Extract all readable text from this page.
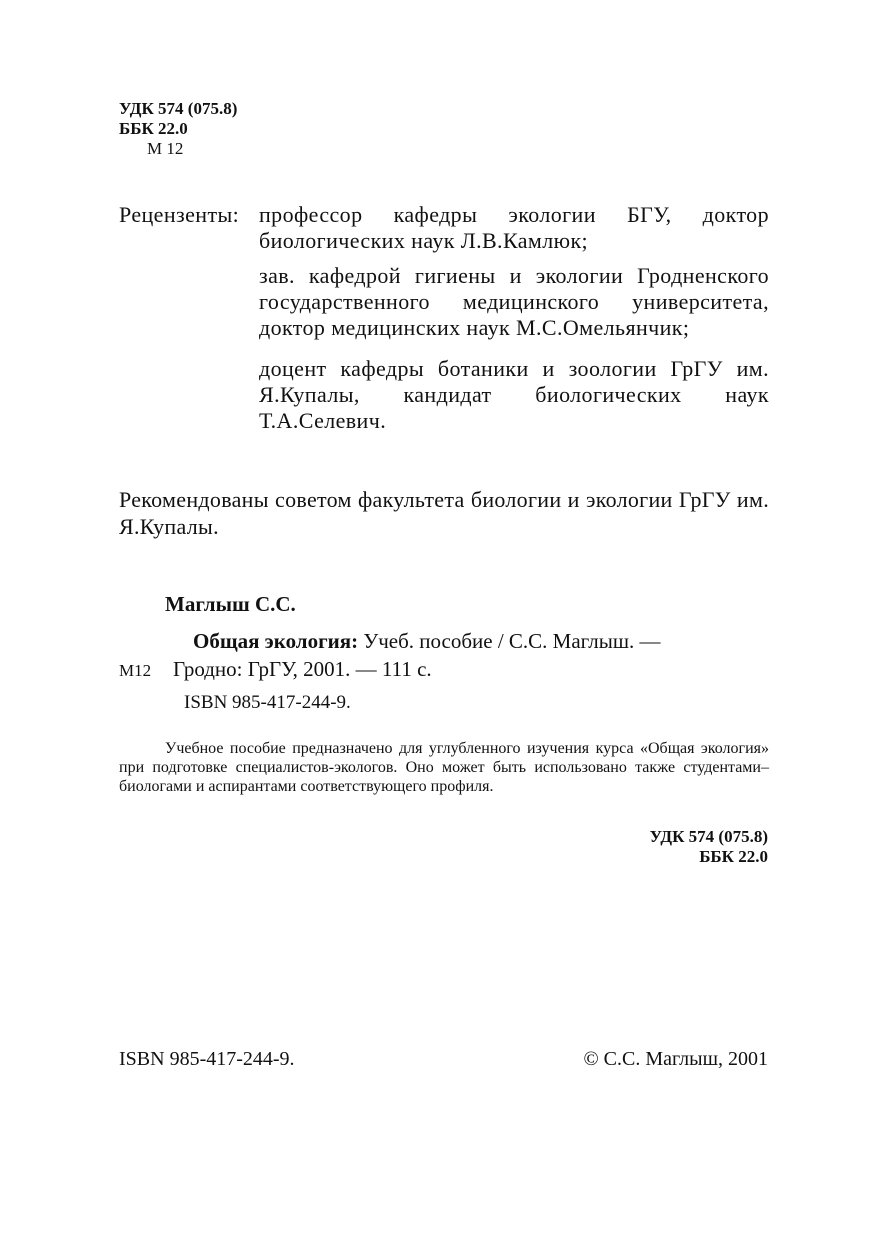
УДК 574 (075.8)
ББК 22.0
М 12

Рецензенты: профессор кафедры экологии БГУ, доктор биологических наук Л.В.Камлюк;

зав. кафедрой гигиены и экологии Гродненского государственного медицинского университета, доктор медицинских наук М.С.Омельянчик;

доцент кафедры ботаники и зоологии ГрГУ им. Я.Купалы, кандидат биологических наук Т.А.Селевич.

Рекомендованы советом факультета биологии и экологии ГрГУ им. Я.Купалы.

Маглыш С.С.

Общая экология: Учеб. пособие / С.С. Маглыш. —

М12 Гродно: ГрГУ, 2001. — 111 с.

ISBN 985-417-244-9.

Учебное пособие предназначено для углубленного изучения курса «Общая экология» при подготовке специалистов-экологов. Оно может быть использовано также студентами–биологами и аспирантами соответствующего профиля.

УДК 574 (075.8)
ББК 22.0

ISBN 985-417-244-9.	© С.С. Маглыш, 2001
